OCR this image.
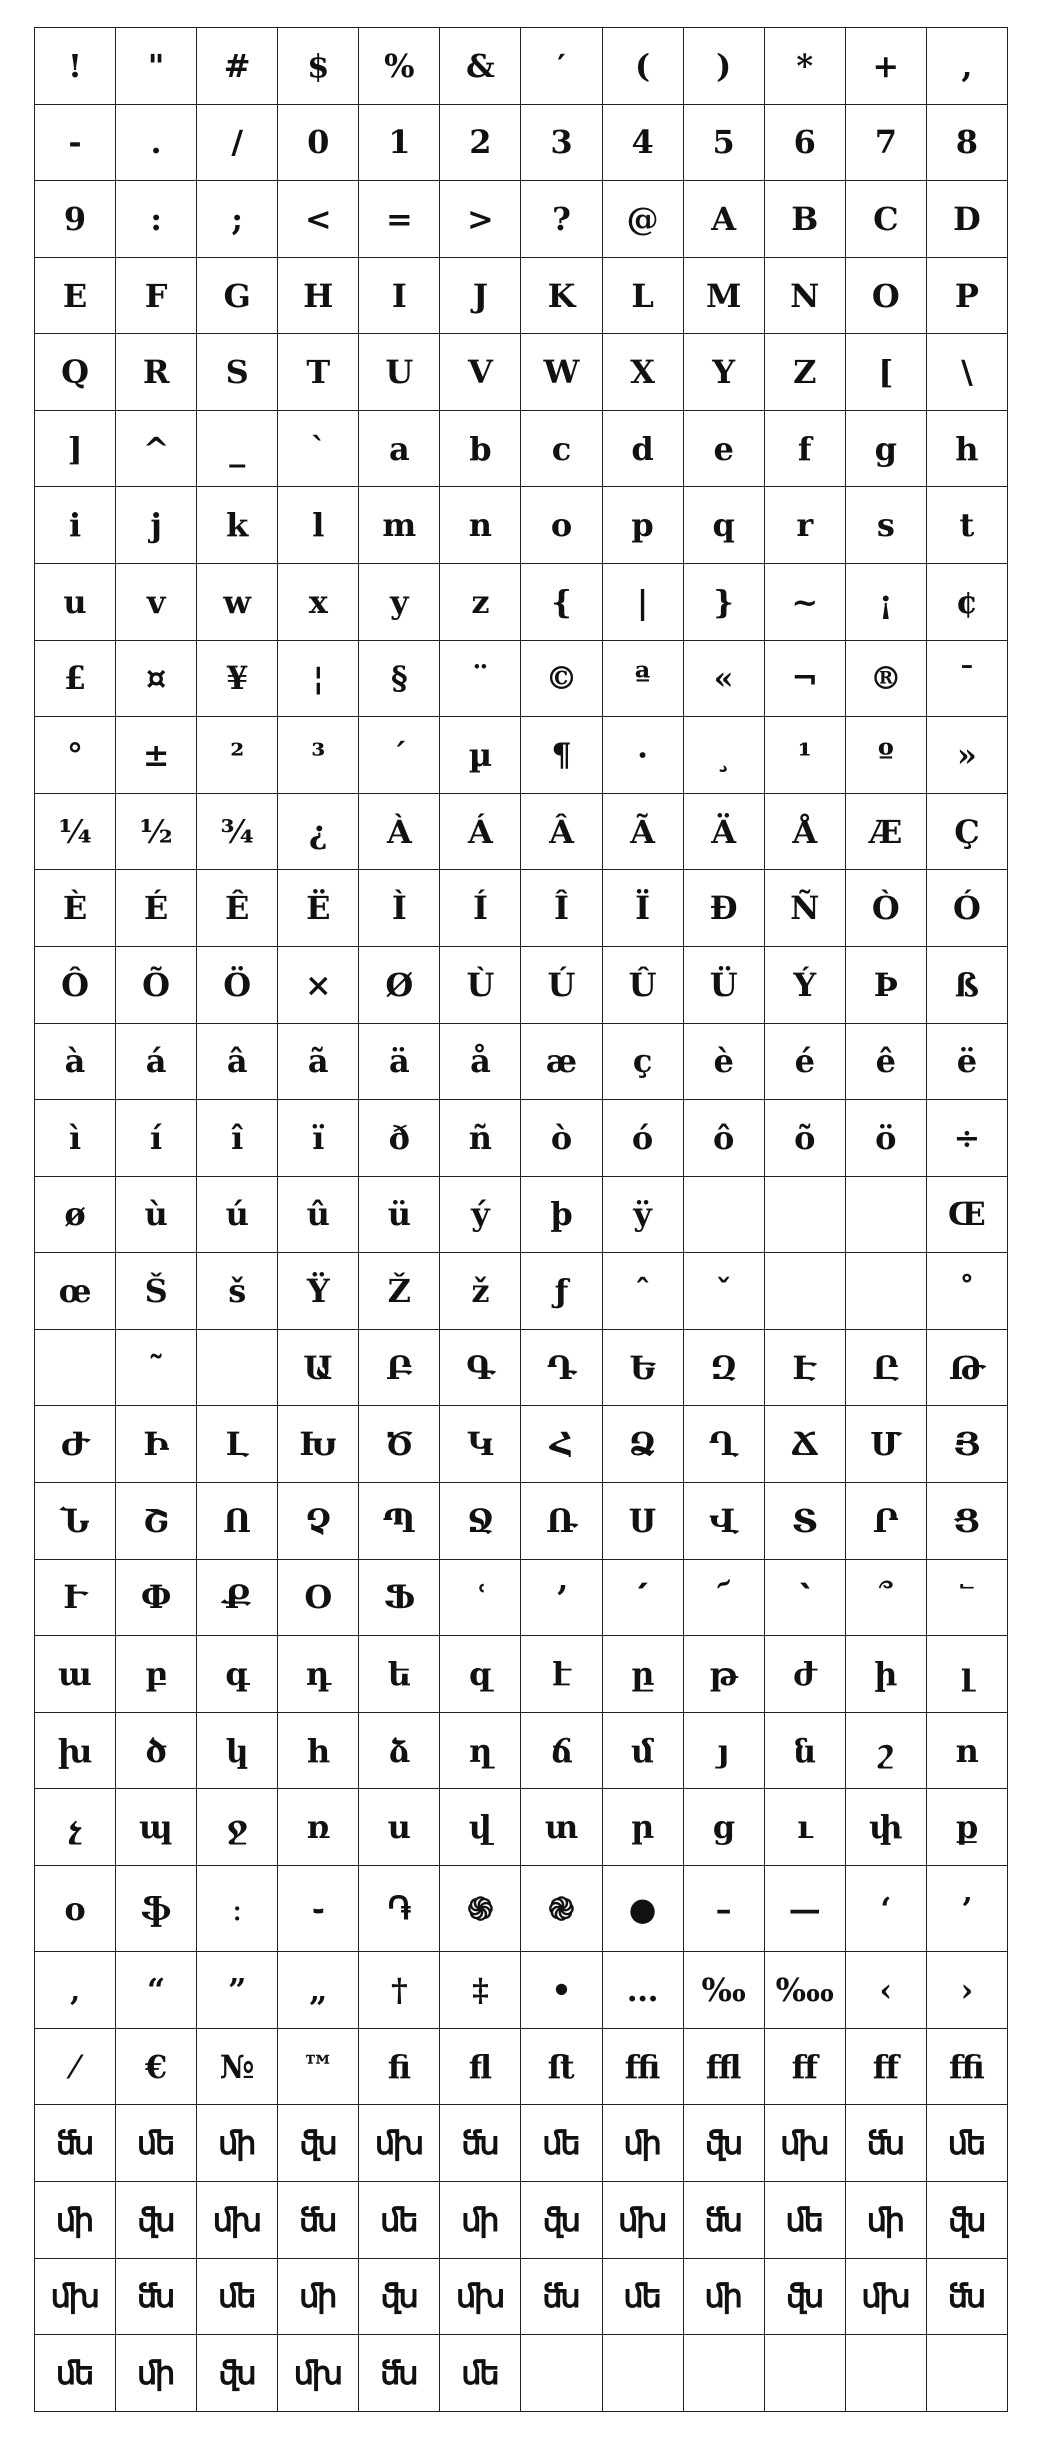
!	"	#	$	%	&	′	(	)	*	+	,
-	.	/	0	1	2	3	4	5	6	7	8
9	:	;	<	=	>	?	@	A	B	C	D
E	F	G	H	I	J	K	L	M	N	O	P
Q	R	S	T	U	V	W	X	Y	Z	[	\
]	^	_	`	a	b	c	d	e	f	g	h
i	j	k	l	m	n	o	p	q	r	s	t
u	v	w	x	y	z	{	|	}	~	¡	¢
£	¤	¥	¦	§	¨	©	ª	«	¬	®	¯
°	±	²	³	´	µ	¶	·	¸	¹	º	»
¼	½	¾	¿	À	Á	Â	Ã	Ä	Å	Æ	Ç
È	É	Ê	Ë	Ì	Í	Î	Ï	Ð	Ñ	Ò	Ó
Ô	Õ	Ö	×	Ø	Ù	Ú	Û	Ü	Ý	Þ	ß
à	á	â	ã	ä	å	æ	ç	è	é	ê	ë
ì	í	î	ï	ð	ñ	ò	ó	ô	õ	ö	÷
ø	ù	ú	û	ü	ý	þ	ÿ				Œ
œ	Š	š	Ÿ	Ž	ž	ƒ	ˆ	ˇ			˚
	˜		Ա	Բ	Գ	Դ	Ե	Զ	Է	Ը	Թ
Ժ	Ի	Լ	Խ	Ծ	Կ	Հ	Ձ	Ղ	Ճ	Մ	Յ
Ն	Շ	Ո	Չ	Պ	Ջ	Ռ	Ս	Վ	Տ	Ր	Ց
Ւ	Փ	Ք	Օ	Ֆ	ՙ	՚	՛	՜	՝	՞	՟
ա	բ	գ	դ	ե	զ	է	ը	թ	ժ	ի	լ
խ	ծ	կ	հ	ձ	ղ	ճ	մ	յ	ն	շ	ո
չ	պ	ջ	ռ	ս	վ	տ	ր	ց	ւ	փ	ք
օ	ֆ	։	֊	֏	֍	֎	●	–	—	‘	’
‚	“	”	„	†	‡	•	…	‰	‱	‹	›
⁄	€	№	™	ﬁ	ﬂ	ﬅ	ﬃ	ﬄ	ﬀ	ﬀ	ﬃ
ﬓ	ﬔ	ﬕ	ﬖ	ﬗ	ﬓ	ﬔ	ﬕ	ﬖ	ﬗ	ﬓ	ﬔ
ﬕ	ﬖ	ﬗ	ﬓ	ﬔ	ﬕ	ﬖ	ﬗ	ﬓ	ﬔ	ﬕ	ﬖ
ﬗ	ﬓ	ﬔ	ﬕ	ﬖ	ﬗ	ﬓ	ﬔ	ﬕ	ﬖ	ﬗ	ﬓ
ﬔ	ﬕ	ﬖ	ﬗ	ﬓ	ﬔ						
